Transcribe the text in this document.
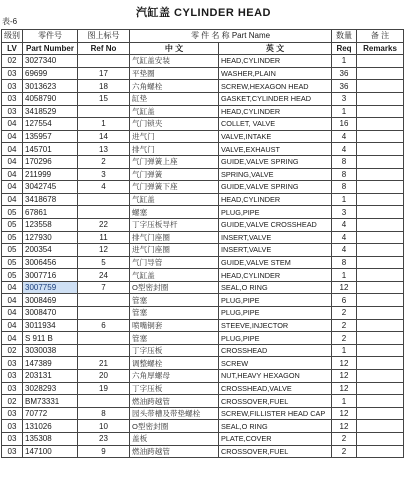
汽缸盖 CYLINDER HEAD
表-6
级别	零件号	图上标号	零 件 名 称 Part Name		数量	备 注
LV	Part Number	Ref No	中 文	英 文	Req	Remarks
02	3027340		气缸盖安装	HEAD,CYLINDER	1	
03	69699	17	平垫圈	WASHER,PLAIN	36	
03	3013623	18	六角螺栓	SCREW,HEXAGON HEAD	36	
03	4058790	15	缸垫	GASKET,CYLINDER HEAD	3	
03	3418529		气缸盖	HEAD,CYLINDER	1	
04	127554	1	气门锁夹	COLLET, VALVE	16	
04	135957	14	进气门	VALVE,INTAKE	4	
04	145701	13	排气门	VALVE,EXHAUST	4	
04	170296	2	气门弹簧上座	GUIDE,VALVE SPRING	8	
04	211999	3	气门弹簧	SPRING,VALVE	8	
04	3042745	4	气门弹簧下座	GUIDE,VALVE SPRING	8	
04	3418678		气缸盖	HEAD,CYLINDER	1	
05	67861		螺塞	PLUG,PIPE	3	
05	123558	22	丁字压板导杆	GUIDE,VALVE CROSSHEAD	4	
05	127930	11	排气门座圈	INSERT,VALVE	4	
05	200354	12	进气门座圈	INSERT,VALVE	4	
05	3006456	5	气门导管	GUIDE,VALVE STEM	8	
05	3007716	24	气缸盖	HEAD,CYLINDER	1	
04	3007759	7	O型密封圈	SEAL,O RING	12	
04	3008469		管塞	PLUG,PIPE	6	
04	3008470		管塞	PLUG,PIPE	2	
04	3011934	6	喷嘴铜套	STEEVE,INJECTOR	2	
04	S 911 B		管塞	PLUG,PIPE	2	
02	3030038		丁字压板	CROSSHEAD	1	
03	147389	21	调整螺栓	SCREW	12	
03	203131	20	六角厚螺母	NUT,HEAVY HEXAGON	12	
03	3028293	19	丁字压板	CROSSHEAD,VALVE	12	
02	BM73331		燃油跨越管	CROSSOVER,FUEL	1	
03	70772	8	园头带槽及带垫螺栓	SCREW,FILLISTER HEAD CAP	12	
03	131026	10	O型密封圈	SEAL,O RING	12	
03	135308	23	盖板	PLATE,COVER	2	
03	147100	9	燃油跨越管	CROSSOVER,FUEL	2	
